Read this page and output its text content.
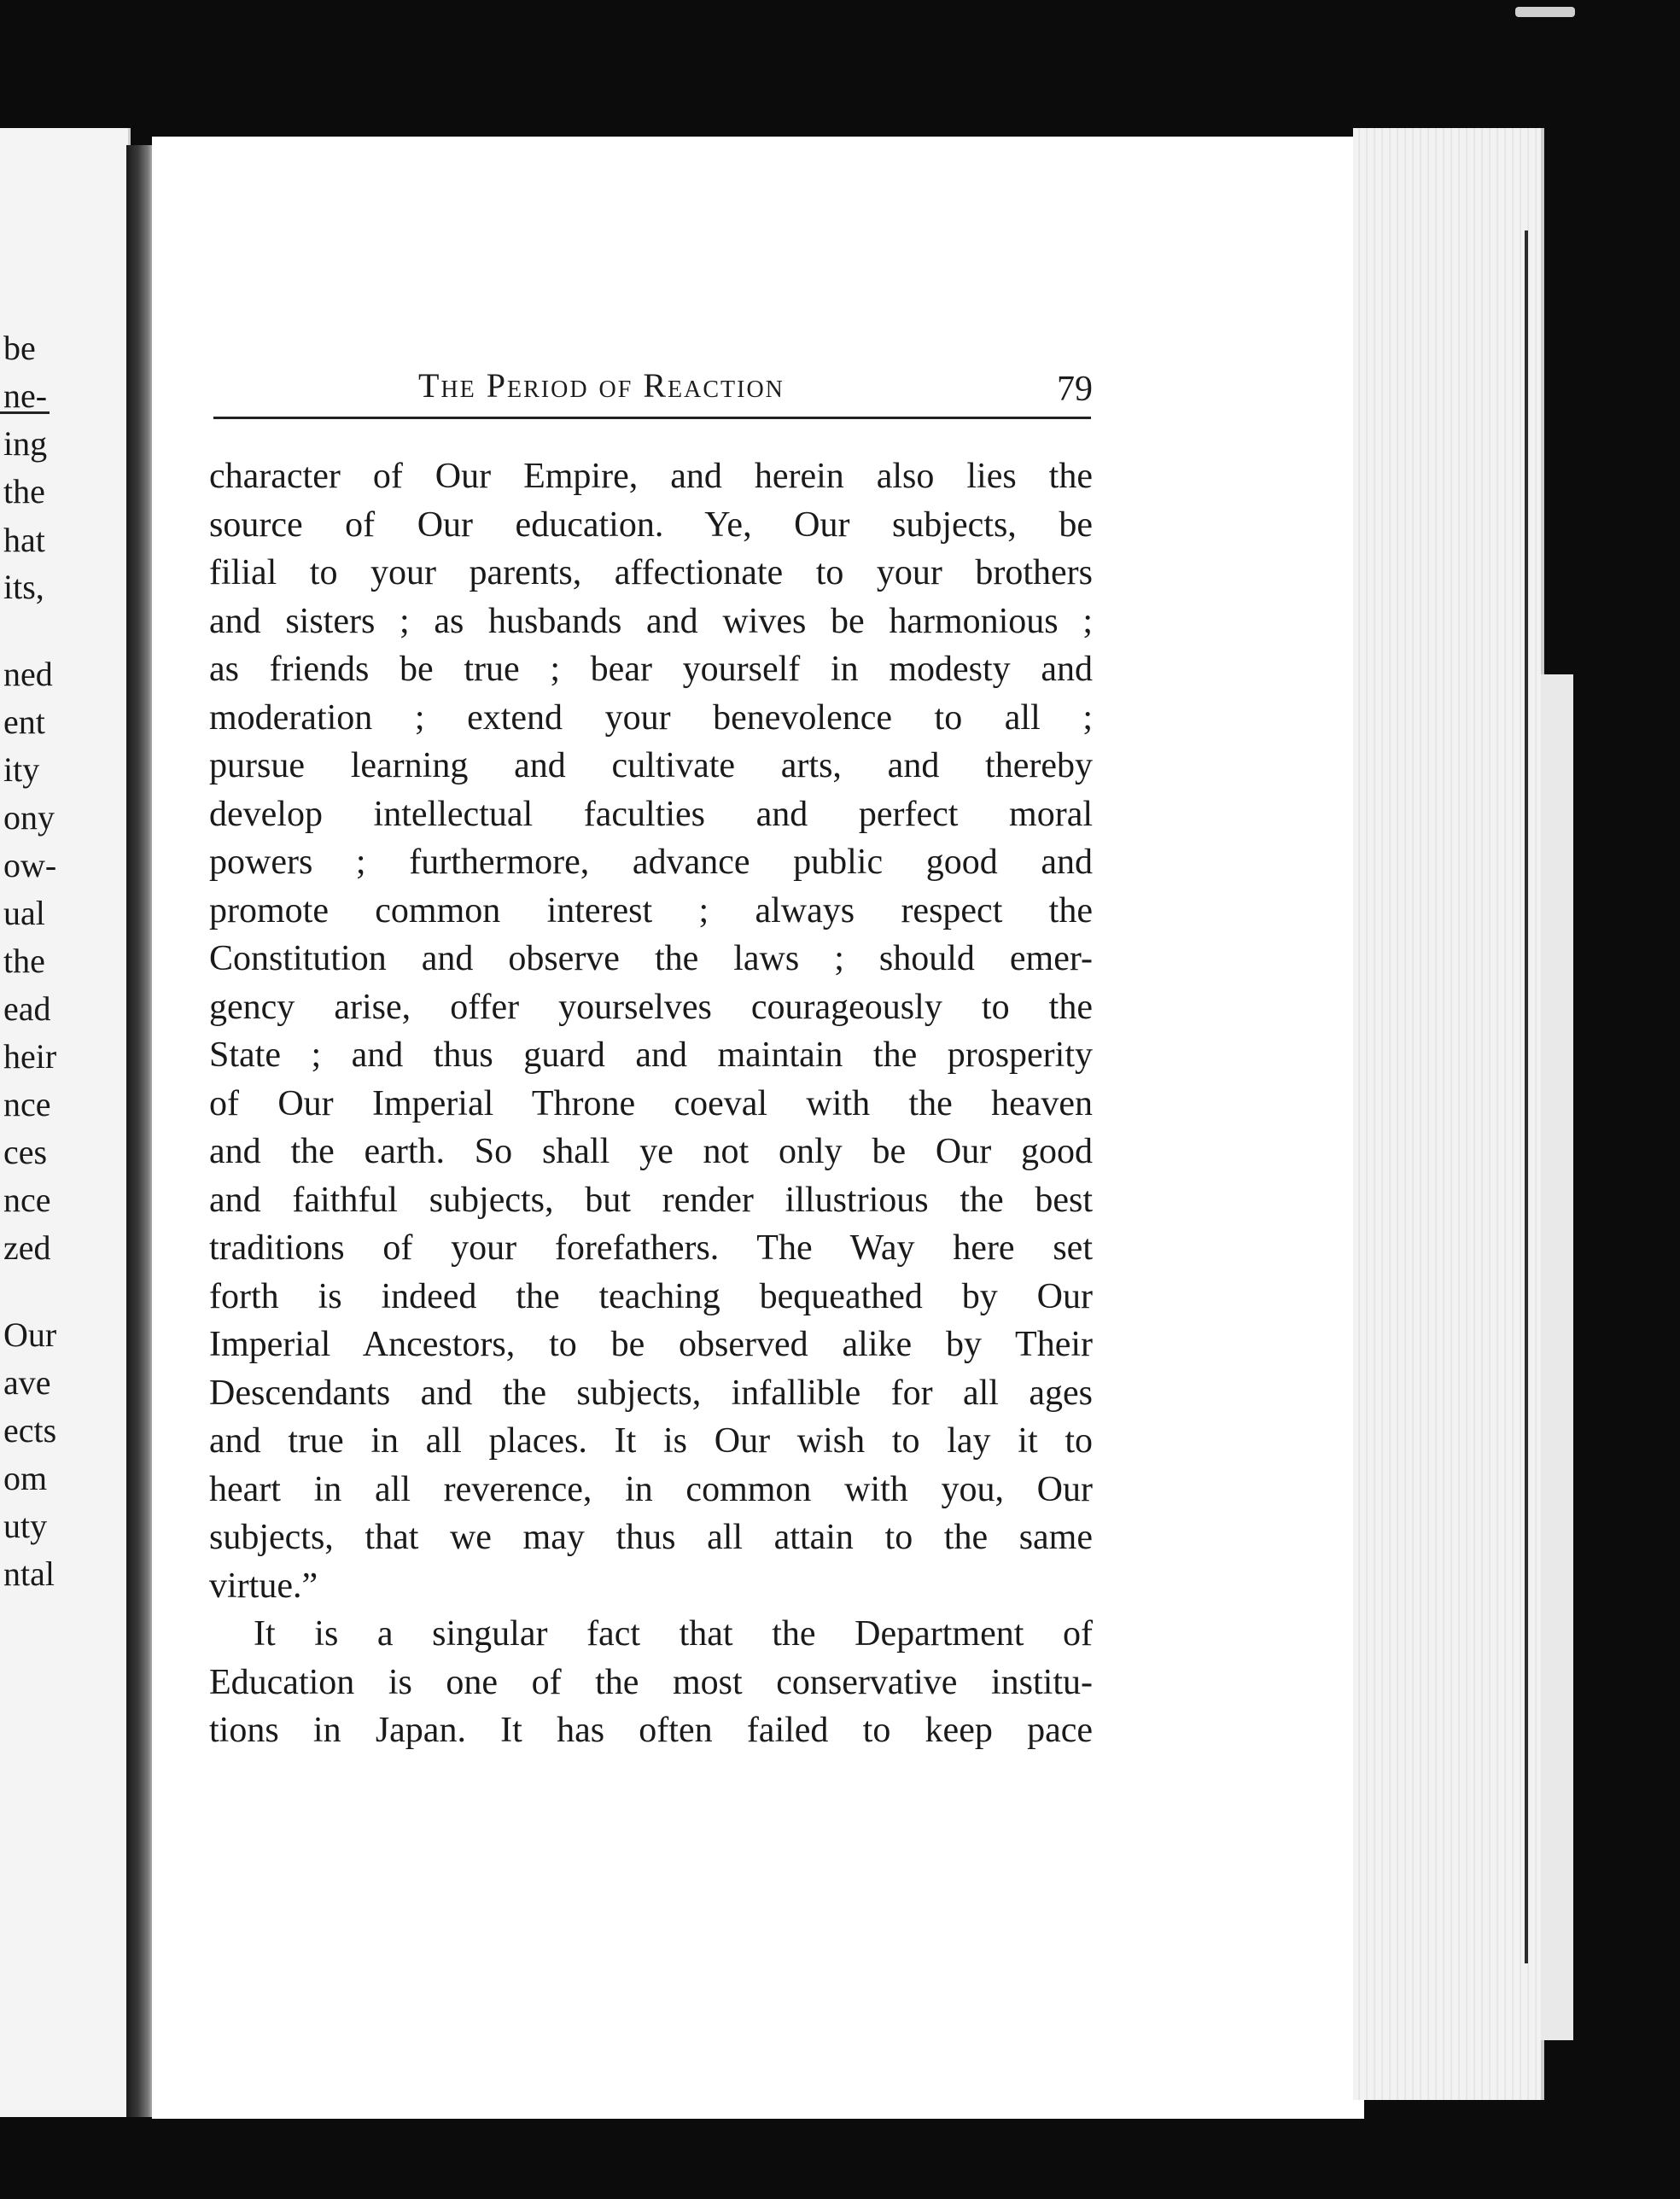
be
ne-
ing
the
hat
its,
ned
ent
ity
ony
ow-
ual
the
ead
heir
nce
ces
nce
zed
Our
ave
ects
om
uty
ntal
The Period of Reaction	79
character of Our Empire, and herein also lies the
source of Our education. Ye, Our subjects, be
filial to your parents, affectionate to your brothers
and sisters ; as husbands and wives be harmonious ;
as friends be true ; bear yourself in modesty and
moderation ; extend your benevolence to all ;
pursue learning and cultivate arts, and thereby
develop intellectual faculties and perfect moral
powers ; furthermore, advance public good and
promote common interest ; always respect the
Constitution and observe the laws ; should emer-
gency arise, offer yourselves courageously to the
State ; and thus guard and maintain the prosperity
of Our Imperial Throne coeval with the heaven
and the earth. So shall ye not only be Our good
and faithful subjects, but render illustrious the best
traditions of your forefathers. The Way here set
forth is indeed the teaching bequeathed by Our
Imperial Ancestors, to be observed alike by Their
Descendants and the subjects, infallible for all ages
and true in all places. It is Our wish to lay it to
heart in all reverence, in common with you, Our
subjects, that we may thus all attain to the same
virtue.”
It is a singular fact that the Department of
Education is one of the most conservative institu-
tions in Japan. It has often failed to keep pace
